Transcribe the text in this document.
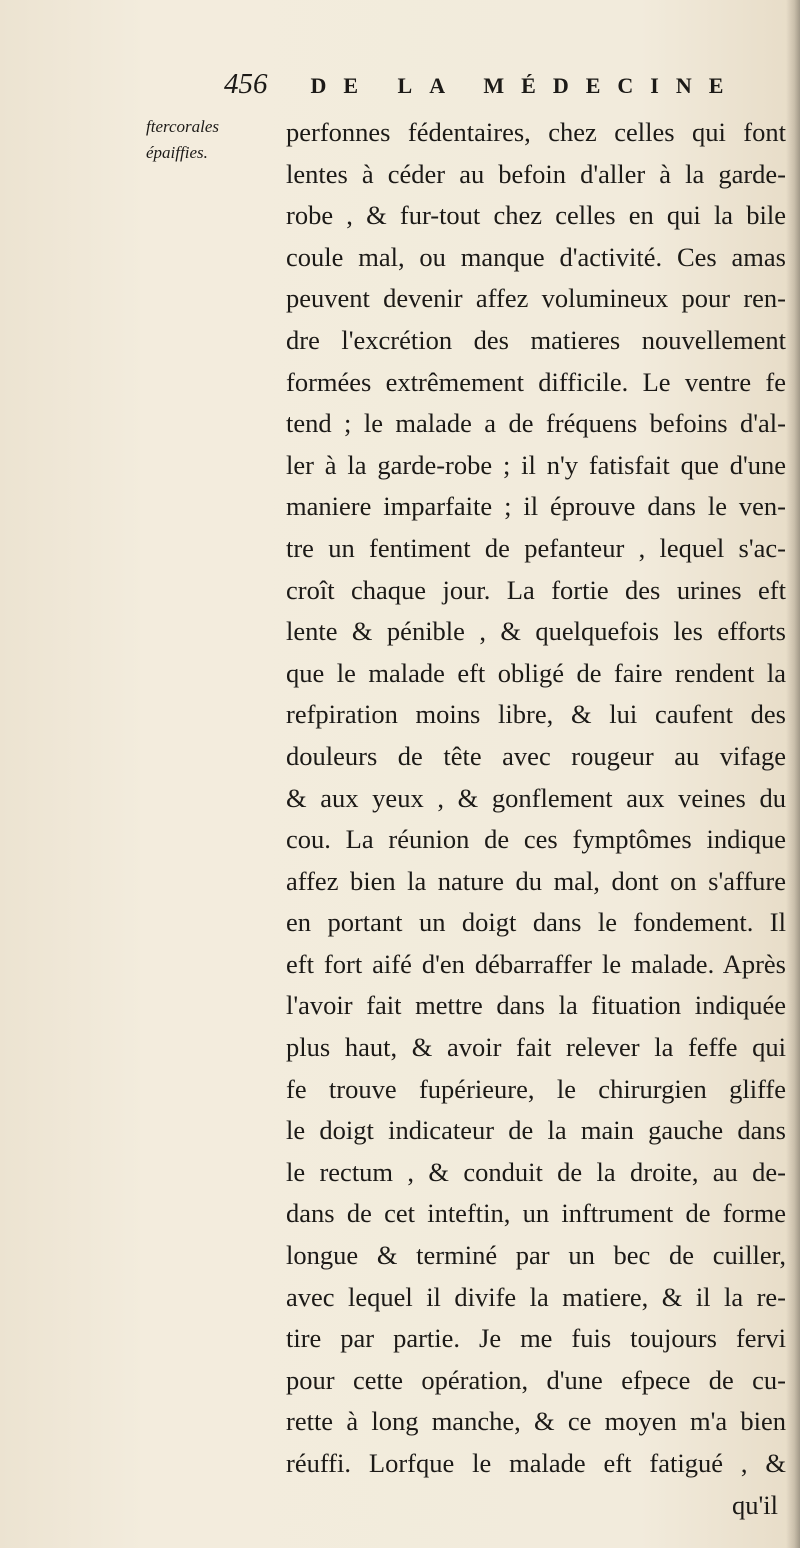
456 DE LA MÉDECINE
ftercorales
épaiffies.
perfonnes fédentaires, chez celles qui font
lentes à céder au befoin d'aller à la garde-
robe , & fur-tout chez celles en qui la bile
coule mal, ou manque d'activité. Ces amas
peuvent devenir affez volumineux pour ren-
dre l'excrétion des matieres nouvellement
formées extrêmement difficile. Le ventre fe
tend ; le malade a de fréquens befoins d'al-
ler à la garde-robe ; il n'y fatisfait que d'une
maniere imparfaite ; il éprouve dans le ven-
tre un fentiment de pefanteur , lequel s'ac-
croît chaque jour. La fortie des urines eft
lente & pénible , & quelquefois les efforts
que le malade eft obligé de faire rendent la
refpiration moins libre, & lui caufent des
douleurs de tête avec rougeur au vifage
& aux yeux , & gonflement aux veines du
cou. La réunion de ces fymptômes indique
affez bien la nature du mal, dont on s'affure
en portant un doigt dans le fondement. Il
eft fort aifé d'en débarraffer le malade. Après
l'avoir fait mettre dans la fituation indiquée
plus haut, & avoir fait relever la feffe qui
fe trouve fupérieure, le chirurgien gliffe
le doigt indicateur de la main gauche dans
le rectum , & conduit de la droite, au de-
dans de cet inteftin, un inftrument de forme
longue & terminé par un bec de cuiller,
avec lequel il divife la matiere, & il la re-
tire par partie. Je me fuis toujours fervi
pour cette opération, d'une efpece de cu-
rette à long manche, & ce moyen m'a bien
réuffi. Lorfque le malade eft fatigué , &
qu'il
